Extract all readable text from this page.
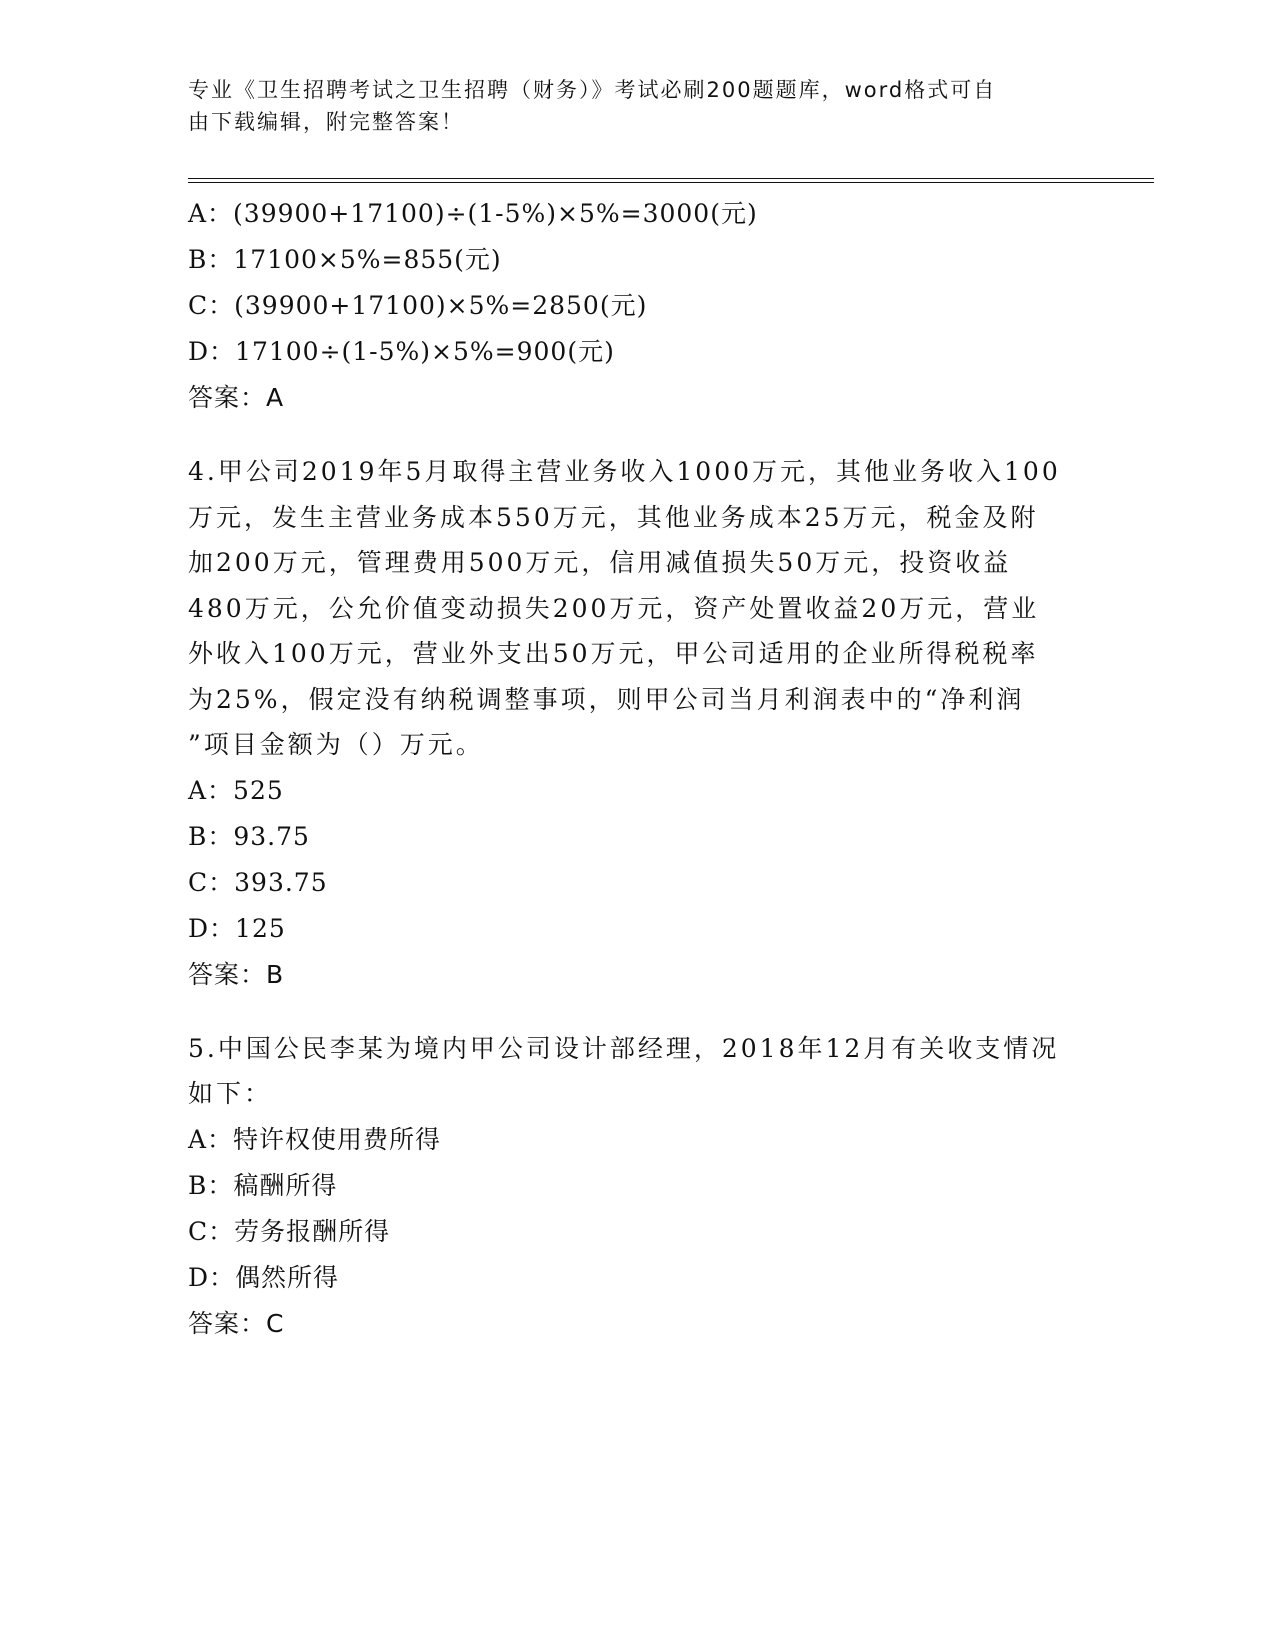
专业《卫生招聘考试之卫生招聘（财务）》考试必刷200题题库，word格式可自
由下载编辑，附完整答案！
A：(39900+17100)÷(1-5%)×5%=3000(元)
B：17100×5%=855(元)
C：(39900+17100)×5%=2850(元)
D：17100÷(1-5%)×5%=900(元)
答案：A
4.甲公司2019年5月取得主营业务收入1000万元，其他业务收入100
万元，发生主营业务成本550万元，其他业务成本25万元，税金及附
加200万元，管理费用500万元，信用减值损失50万元，投资收益
480万元，公允价值变动损失200万元，资产处置收益20万元，营业
外收入100万元，营业外支出50万元，甲公司适用的企业所得税税率
为25%，假定没有纳税调整事项，则甲公司当月利润表中的“净利润
”项目金额为（）万元。
A：525
B：93.75
C：393.75
D：125
答案：B
5.中国公民李某为境内甲公司设计部经理，2018年12月有关收支情况
如下：
A：特许权使用费所得
B：稿酬所得
C：劳务报酬所得
D：偶然所得
答案：C
